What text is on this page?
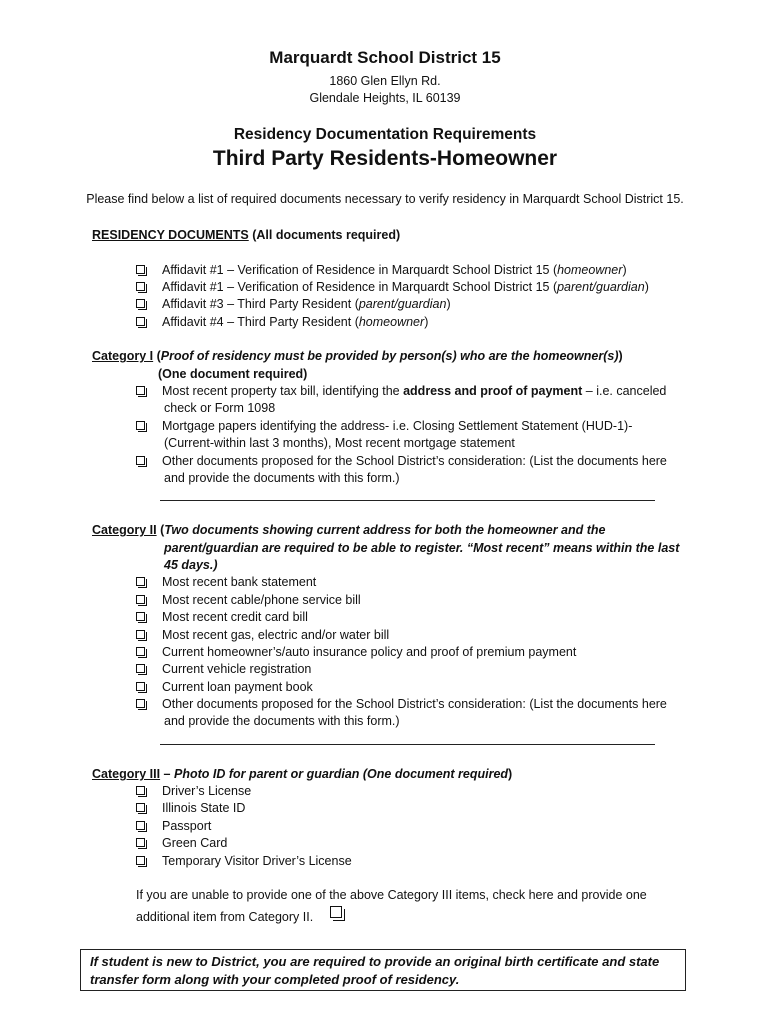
Marquardt School District 15
1860 Glen Ellyn Rd.
Glendale Heights, IL 60139
Residency Documentation Requirements
Third Party Residents-Homeowner
Please find below a list of required documents necessary to verify residency in Marquardt School District 15.
RESIDENCY DOCUMENTS (All documents required)
Affidavit #1 – Verification of Residence in Marquardt School District 15 (homeowner)
Affidavit #1 – Verification of Residence in Marquardt School District 15 (parent/guardian)
Affidavit #3 – Third Party Resident (parent/guardian)
Affidavit #4 – Third Party Resident (homeowner)
Category I (Proof of residency must be provided by person(s) who are the homeowner(s))
(One document required)
Most recent property tax bill, identifying the address and proof of payment – i.e. canceled
check or Form 1098
Mortgage papers identifying the address- i.e. Closing Settlement Statement (HUD-1)-
(Current-within last 3 months), Most recent mortgage statement
Other documents proposed for the School District’s consideration: (List the documents here
and provide the documents with this form.)
Category II (Two documents showing current address for both the homeowner and the
parent/guardian are required to be able to register. “Most recent” means within the last
45 days.)
Most recent bank statement
Most recent cable/phone service bill
Most recent credit card bill
Most recent gas, electric and/or water bill
Current homeowner’s/auto insurance policy and proof of premium payment
Current vehicle registration
Current loan payment book
Other documents proposed for the School District’s consideration: (List the documents here
and provide the documents with this form.)
Category III – Photo ID for parent or guardian (One document required)
Driver’s License
Illinois State ID
Passport
Green Card
Temporary Visitor Driver’s License
If you are unable to provide one of the above Category III items, check here and provide one
additional item from Category II.
If student is new to District, you are required to provide an original birth certificate and state
transfer form along with your completed proof of residency.
